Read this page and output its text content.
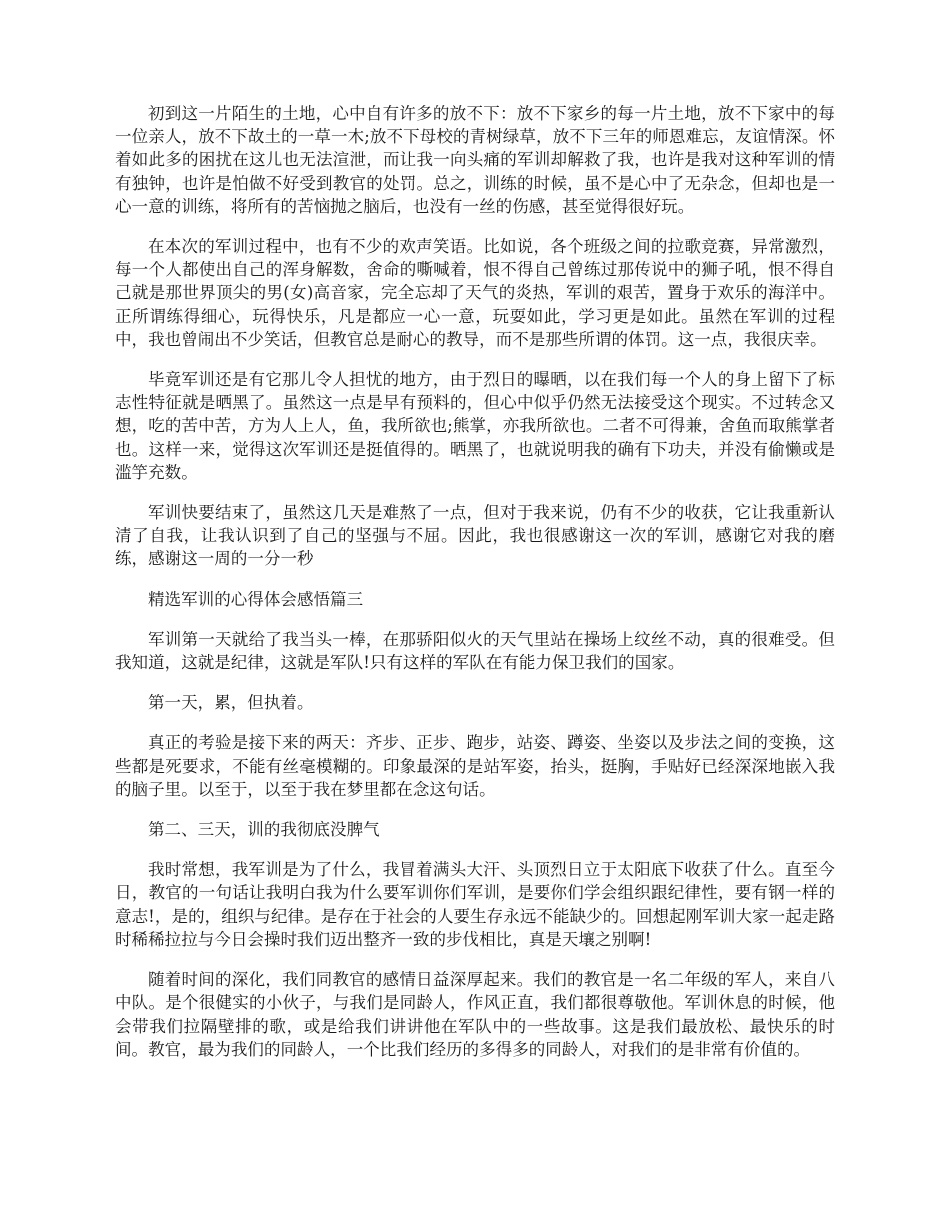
初到这一片陌生的土地，心中自有许多的放不下：放不下家乡的每一片土地，放不下家中的每一位亲人，放不下故土的一草一木;放不下母校的青树绿草，放不下三年的师恩难忘，友谊情深。怀着如此多的困扰在这儿也无法渲泄，而让我一向头痛的军训却解救了我，也许是我对这种军训的情有独钟，也许是怕做不好受到教官的处罚。总之，训练的时候，虽不是心中了无杂念，但却也是一心一意的训练，将所有的苦恼抛之脑后，也没有一丝的伤感，甚至觉得很好玩。

在本次的军训过程中，也有不少的欢声笑语。比如说，各个班级之间的拉歌竞赛，异常激烈，每一个人都使出自己的浑身解数，舍命的嘶喊着，恨不得自己曾练过那传说中的狮子吼，恨不得自己就是那世界顶尖的男(女)高音家，完全忘却了天气的炎热，军训的艰苦，置身于欢乐的海洋中。正所谓练得细心，玩得快乐，凡是都应一心一意，玩耍如此，学习更是如此。虽然在军训的过程中，我也曾闹出不少笑话，但教官总是耐心的教导，而不是那些所谓的体罚。这一点，我很庆幸。

毕竟军训还是有它那儿令人担忧的地方，由于烈日的曝晒，以在我们每一个人的身上留下了标志性特征就是晒黑了。虽然这一点是早有预料的，但心中似乎仍然无法接受这个现实。不过转念又想，吃的苦中苦，方为人上人，鱼，我所欲也;熊掌，亦我所欲也。二者不可得兼，舍鱼而取熊掌者也。这样一来，觉得这次军训还是挺值得的。晒黑了，也就说明我的确有下功夫，并没有偷懒或是滥竽充数。

军训快要结束了，虽然这几天是难熬了一点，但对于我来说，仍有不少的收获，它让我重新认清了自我，让我认识到了自己的坚强与不屈。因此，我也很感谢这一次的军训，感谢它对我的磨练，感谢这一周的一分一秒

精选军训的心得体会感悟篇三

军训第一天就给了我当头一棒，在那骄阳似火的天气里站在操场上纹丝不动，真的很难受。但我知道，这就是纪律，这就是军队!只有这样的军队在有能力保卫我们的国家。

第一天，累，但执着。

真正的考验是接下来的两天：齐步、正步、跑步，站姿、蹲姿、坐姿以及步法之间的变换，这些都是死要求，不能有丝毫模糊的。印象最深的是站军姿，抬头，挺胸，手贴好已经深深地嵌入我的脑子里。以至于，以至于我在梦里都在念这句话。

第二、三天，训的我彻底没脾气

我时常想，我军训是为了什么，我冒着满头大汗、头顶烈日立于太阳底下收获了什么。直至今日，教官的一句话让我明白我为什么要军训你们军训，是要你们学会组织跟纪律性，要有钢一样的意志!，是的，组织与纪律。是存在于社会的人要生存永远不能缺少的。回想起刚军训大家一起走路时稀稀拉拉与今日会操时我们迈出整齐一致的步伐相比，真是天壤之别啊!

随着时间的深化，我们同教官的感情日益深厚起来。我们的教官是一名二年级的军人，来自八中队。是个很健实的小伙子，与我们是同龄人，作风正直，我们都很尊敬他。军训休息的时候，他会带我们拉隔壁排的歌，或是给我们讲讲他在军队中的一些故事。这是我们最放松、最快乐的时间。教官，最为我们的同龄人，一个比我们经历的多得多的同龄人，对我们的是非常有价值的。
